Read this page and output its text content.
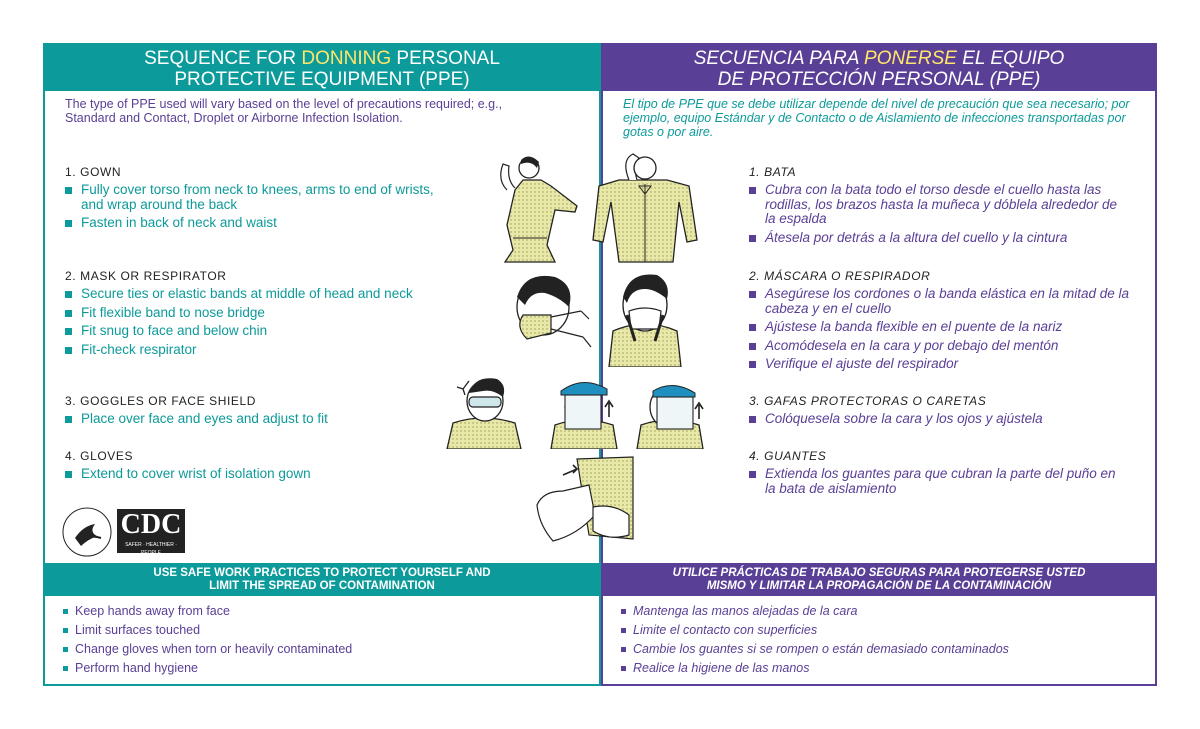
SEQUENCE FOR DONNING PERSONAL
PROTECTIVE EQUIPMENT (PPE)
The type of PPE used will vary based on the level of precautions required; e.g., Standard and Contact, Droplet or Airborne Infection Isolation.
1. GOWN
Fully cover torso from neck to knees, arms to end of wrists, and wrap around the back
Fasten in back of neck and waist
2. MASK OR RESPIRATOR
Secure ties or elastic bands at middle of head and neck
Fit flexible band to nose bridge
Fit snug to face and below chin
Fit-check respirator
3. GOGGLES OR FACE SHIELD
Place over face and eyes and adjust to fit
4. GLOVES
Extend to cover wrist of isolation gown
SECUENCIA PARA PONERSE EL EQUIPO
DE PROTECCIÓN PERSONAL (PPE)
El tipo de PPE que se debe utilizar depende del nivel de precaución que sea necesario; por ejemplo, equipo Estándar y de Contacto o de Aislamiento de infecciones transportadas por gotas o por aire.
1. BATA
Cubra con la bata todo el torso desde el cuello hasta las rodillas, los brazos hasta la muñeca y dóblela alrededor de la espalda
Átesela por detrás a la altura del cuello y la cintura
2. MÁSCARA O RESPIRADOR
Asegúrese los cordones o la banda elástica en la mitad de la cabeza y en el cuello
Ajústese la banda flexible en el puente de la nariz
Acomódesela en la cara y por debajo del mentón
Verifique el ajuste del respirador
3. GAFAS PROTECTORAS O CARETAS
Colóquesela sobre la cara y los ojos y ajústela
4. GUANTES
Extienda los guantes para que cubran la parte del puño en la bata de aislamiento
CDC
SAFER · HEALTHIER · PEOPLE
USE SAFE WORK PRACTICES TO PROTECT YOURSELF AND
LIMIT THE SPREAD OF CONTAMINATION
Keep hands away from face
Limit surfaces touched
Change gloves when torn or heavily contaminated
Perform hand hygiene
UTILICE PRÁCTICAS DE TRABAJO SEGURAS PARA PROTEGERSE USTED
MISMO Y LIMITAR LA PROPAGACIÓN DE LA CONTAMINACIÓN
Mantenga las manos alejadas de la cara
Limite el contacto con superficies
Cambie los guantes si se rompen o están demasiado contaminados
Realice la higiene de las manos
